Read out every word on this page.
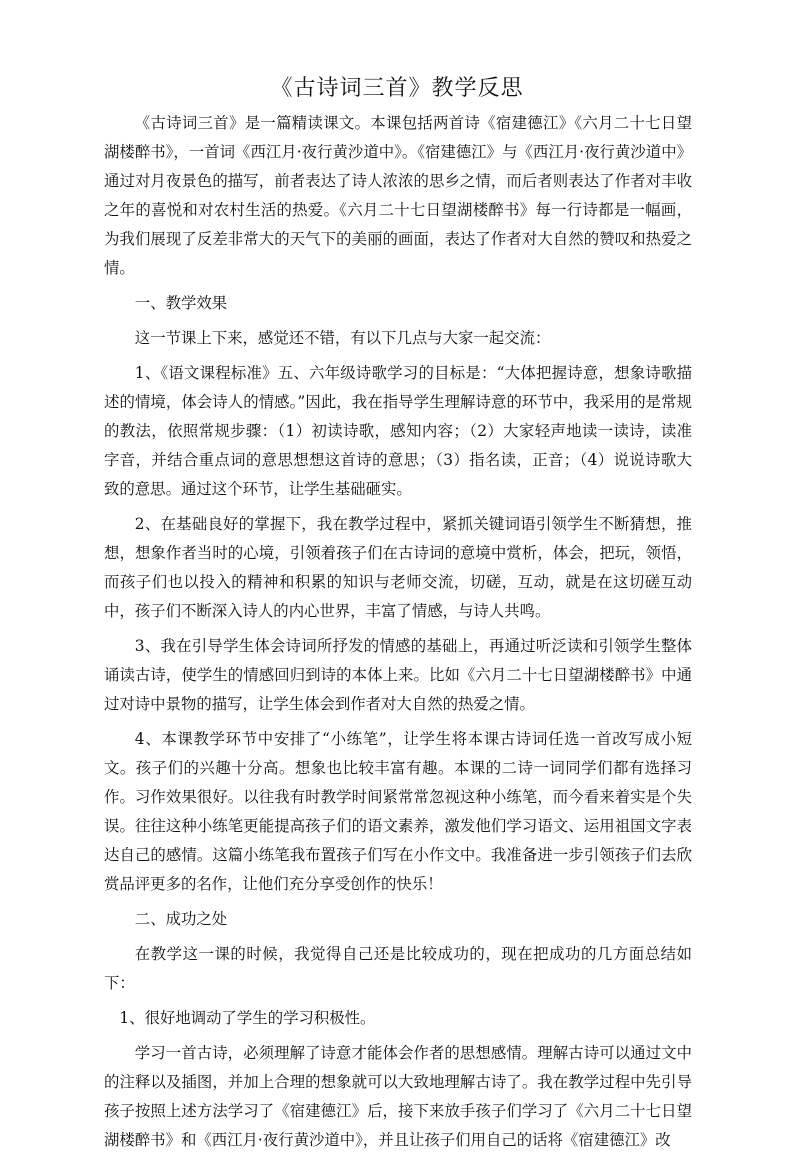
《古诗词三首》教学反思

《古诗词三首》是一篇精读课文。本课包括两首诗《宿建德江》《六月二十七日望湖楼醉书》，一首词《西江月·夜行黄沙道中》。《宿建德江》与《西江月·夜行黄沙道中》通过对月夜景色的描写，前者表达了诗人浓浓的思乡之情，而后者则表达了作者对丰收之年的喜悦和对农村生活的热爱。《六月二十七日望湖楼醉书》每一行诗都是一幅画，为我们展现了反差非常大的天气下的美丽的画面，表达了作者对大自然的赞叹和热爱之情。

一、教学效果

这一节课上下来，感觉还不错，有以下几点与大家一起交流：

1、《语文课程标准》五、六年级诗歌学习的目标是：“大体把握诗意，想象诗歌描述的情境，体会诗人的情感。”因此，我在指导学生理解诗意的环节中，我采用的是常规的教法，依照常规步骤：（1）初读诗歌，感知内容；（2）大家轻声地读一读诗，读准字音，并结合重点词的意思想想这首诗的意思；（3）指名读，正音；（4）说说诗歌大致的意思。通过这个环节，让学生基础砸实。

2、在基础良好的掌握下，我在教学过程中，紧抓关键词语引领学生不断猜想，推想，想象作者当时的心境，引领着孩子们在古诗词的意境中赏析，体会，把玩，领悟，而孩子们也以投入的精神和积累的知识与老师交流，切磋，互动，就是在这切磋互动中，孩子们不断深入诗人的内心世界，丰富了情感，与诗人共鸣。

3、我在引导学生体会诗词所抒发的情感的基础上，再通过听泛读和引领学生整体诵读古诗，使学生的情感回归到诗的本体上来。比如《六月二十七日望湖楼醉书》中通过对诗中景物的描写，让学生体会到作者对大自然的热爱之情。

4、本课教学环节中安排了“小练笔”，让学生将本课古诗词任选一首改写成小短文。孩子们的兴趣十分高。想象也比较丰富有趣。本课的二诗一词同学们都有选择习作。习作效果很好。以往我有时教学时间紧常常忽视这种小练笔，而今看来着实是个失误。往往这种小练笔更能提高孩子们的语文素养，激发他们学习语文、运用祖国文字表达自己的感情。这篇小练笔我布置孩子们写在小作文中。我准备进一步引领孩子们去欣赏品评更多的名作，让他们充分享受创作的快乐！

二、成功之处

在教学这一课的时候，我觉得自己还是比较成功的，现在把成功的几方面总结如下：

1、很好地调动了学生的学习积极性。

学习一首古诗，必须理解了诗意才能体会作者的思想感情。理解古诗可以通过文中的注释以及插图，并加上合理的想象就可以大致地理解古诗了。我在教学过程中先引导孩子按照上述方法学习了《宿建德江》后，接下来放手孩子们学习了《六月二十七日望湖楼醉书》和《西江月·夜行黄沙道中》，并且让孩子们用自己的话将《宿建德江》改
